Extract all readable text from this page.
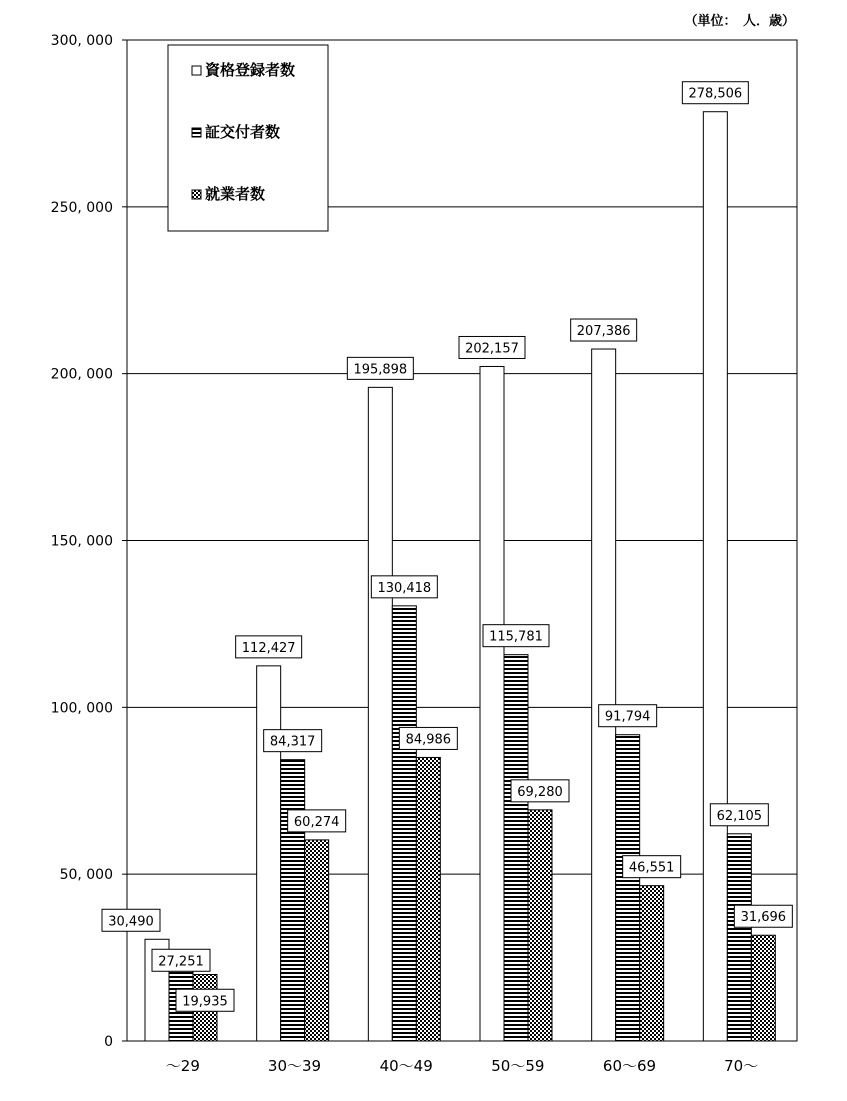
（単位：　人．歳）
0
50, 000
100, 000
150, 000
200, 000
250, 000
300, 000
～29	30～39	40～49	50～59	60～69	70～
30,490
27,251
19,935
112,427
84,317
60,274
195,898
130,418
84,986
202,157
115,781
69,280
207,386
91,794
46,551
278,506
62,105
31,696
資格登録者数
証交付者数
就業者数
